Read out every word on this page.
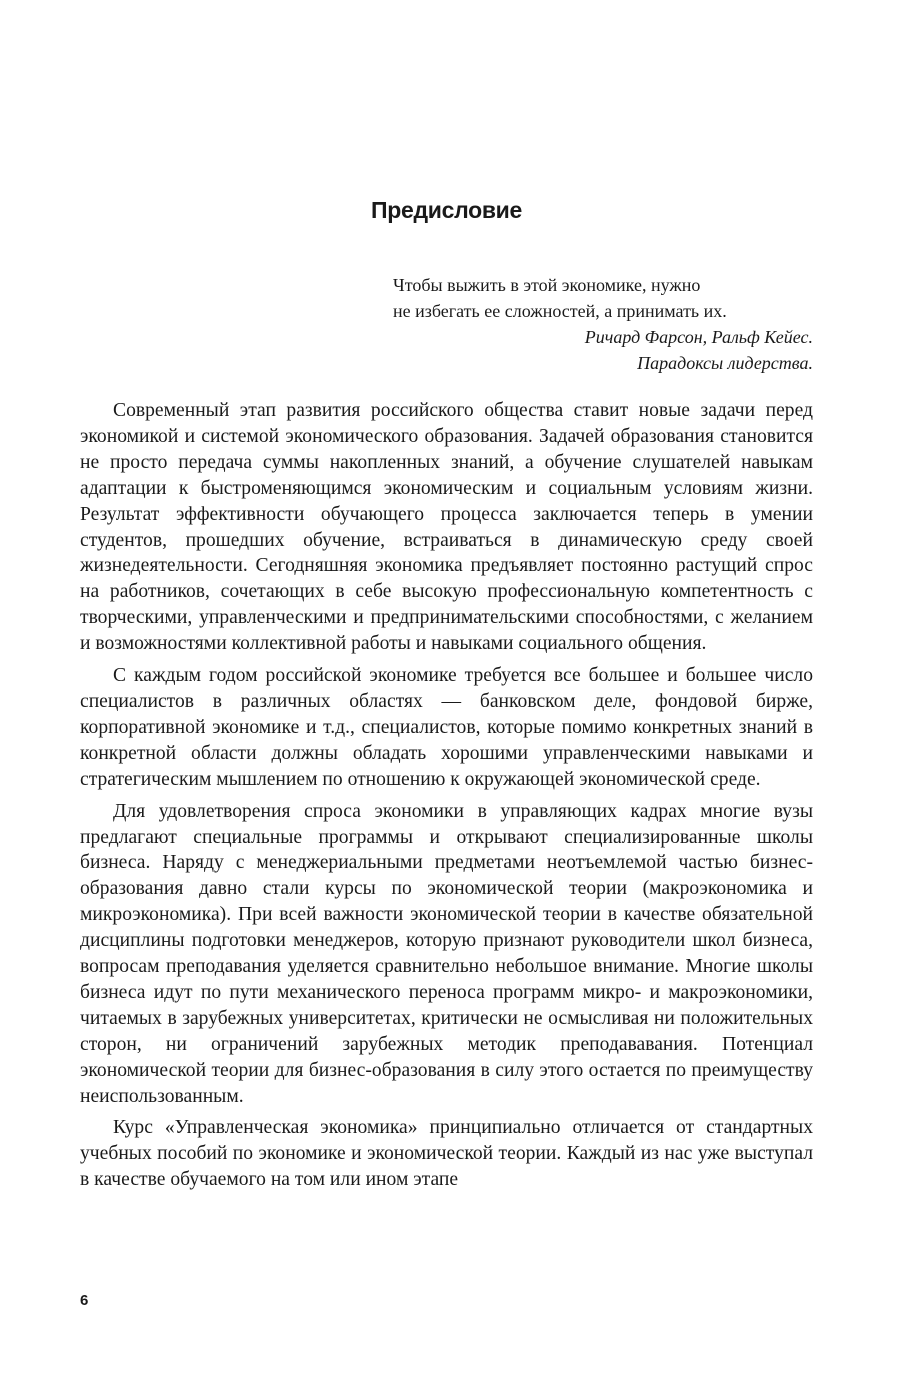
Предисловие
Чтобы выжить в этой экономике, нужно
не избегать ее сложностей, а принимать их.
Ричард Фарсон, Ральф Кейес.
Парадоксы лидерства.

Современный этап развития российского общества ставит новые задачи перед экономикой и системой экономического образования. Задачей образования становится не просто передача суммы накопленных знаний, а обучение слушателей навыкам адаптации к быстроменяющимся экономическим и социальным условиям жизни. Результат эффективности обучающего процесса заключается теперь в умении студентов, прошедших обучение, встраиваться в динамическую среду своей жизнедеятельности. Сегодняшняя экономика предъявляет постоянно растущий спрос на работников, сочетающих в себе высокую профессиональную компетентность с творческими, управленческими и предпринимательскими способностями, с желанием и возможностями коллективной работы и навыками социального общения.

С каждым годом российской экономике требуется все большее и большее число специалистов в различных областях — банковском деле, фондовой бирже, корпоративной экономике и т.д., специалистов, которые помимо конкретных знаний в конкретной области должны обладать хорошими управленческими навыками и стратегическим мышлением по отношению к окружающей экономической среде.

Для удовлетворения спроса экономики в управляющих кадрах многие вузы предлагают специальные программы и открывают специализированные школы бизнеса. Наряду с менеджериальными предметами неотъемлемой частью бизнес-образования давно стали курсы по экономической теории (макроэкономика и микроэкономика). При всей важности экономической теории в качестве обязательной дисциплины подготовки менеджеров, которую признают руководители школ бизнеса, вопросам преподавания уделяется сравнительно небольшое внимание. Многие школы бизнеса идут по пути механического переноса программ микро- и макроэкономики, читаемых в зарубежных университетах, критически не осмысливая ни положительных сторон, ни ограничений зарубежных методик преподававания. Потенциал экономической теории для бизнес-образования в силу этого остается по преимуществу неиспользованным.

Курс «Управленческая экономика» принципиально отличается от стандартных учебных пособий по экономике и экономической теории. Каждый из нас уже выступал в качестве обучаемого на том или ином этапе

6
